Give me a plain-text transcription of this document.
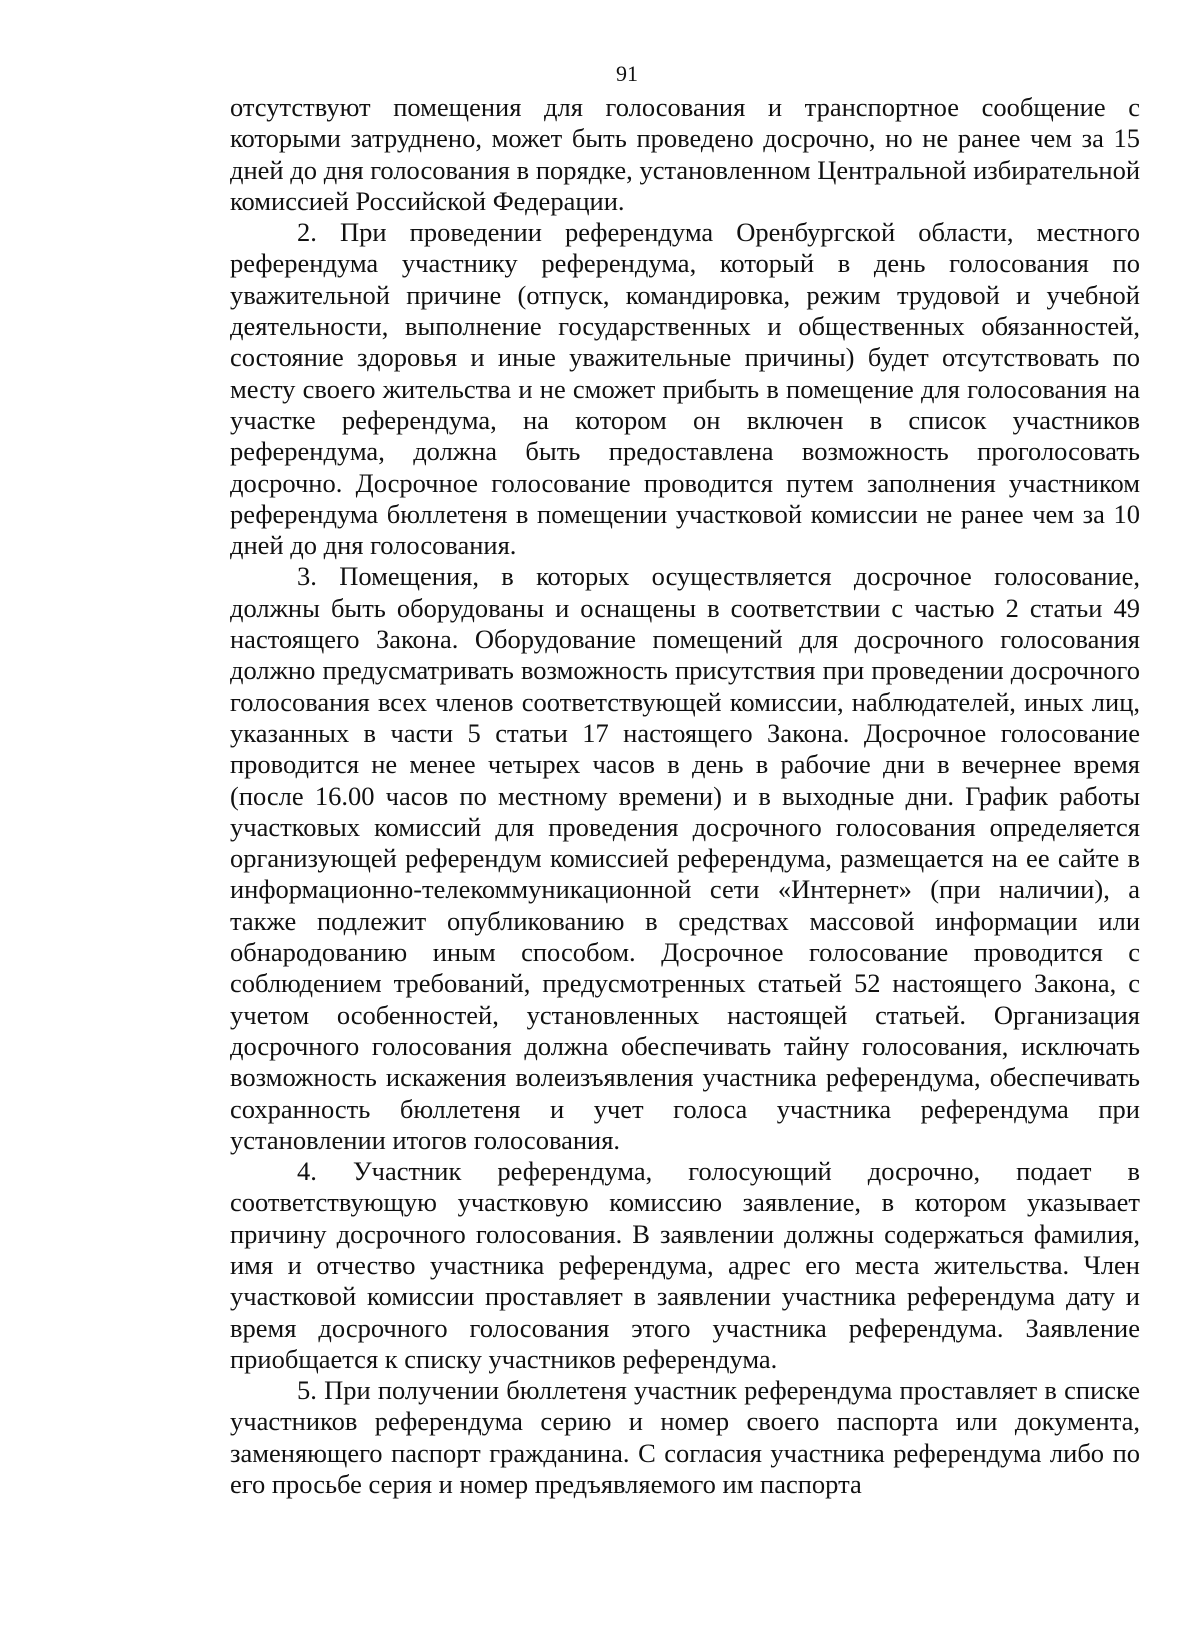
91

отсутствуют помещения для голосования и транспортное сообщение с которыми затруднено, может быть проведено досрочно, но не ранее чем за 15 дней до дня голосования в порядке, установленном Центральной избирательной комиссией Российской Федерации.

2. При проведении референдума Оренбургской области, местного референдума участнику референдума, который в день голосования по уважительной причине (отпуск, командировка, режим трудовой и учебной деятельности, выполнение государственных и общественных обязанностей, состояние здоровья и иные уважительные причины) будет отсутствовать по месту своего жительства и не сможет прибыть в помещение для голосования на участке референдума, на котором он включен в список участников референдума, должна быть предоставлена возможность проголосовать досрочно. Досрочное голосование проводится путем заполнения участником референдума бюллетеня в помещении участковой комиссии не ранее чем за 10 дней до дня голосования.

3. Помещения, в которых осуществляется досрочное голосование, должны быть оборудованы и оснащены в соответствии с частью 2 статьи 49 настоящего Закона. Оборудование помещений для досрочного голосования должно предусматривать возможность присутствия при проведении досрочного голосования всех членов соответствующей комиссии, наблюдателей, иных лиц, указанных в части 5 статьи 17 настоящего Закона. Досрочное голосование проводится не менее четырех часов в день в рабочие дни в вечернее время (после 16.00 часов по местному времени) и в выходные дни. График работы участковых комиссий для проведения досрочного голосования определяется организующей референдум комиссией референдума, размещается на ее сайте в информационно-телекоммуникационной сети «Интернет» (при наличии), а также подлежит опубликованию в средствах массовой информации или обнародованию иным способом. Досрочное голосование проводится с соблюдением требований, предусмотренных статьей 52 настоящего Закона, с учетом особенностей, установленных настоящей статьей. Организация досрочного голосования должна обеспечивать тайну голосования, исключать возможность искажения волеизъявления участника референдума, обеспечивать сохранность бюллетеня и учет голоса участника референдума при установлении итогов голосования.

4. Участник референдума, голосующий досрочно, подает в соответствующую участковую комиссию заявление, в котором указывает причину досрочного голосования. В заявлении должны содержаться фамилия, имя и отчество участника референдума, адрес его места жительства. Член участковой комиссии проставляет в заявлении участника референдума дату и время досрочного голосования этого участника референдума. Заявление приобщается к списку участников референдума.

5. При получении бюллетеня участник референдума проставляет в списке участников референдума серию и номер своего паспорта или документа, заменяющего паспорт гражданина. С согласия участника референдума либо по его просьбе серия и номер предъявляемого им паспорта
